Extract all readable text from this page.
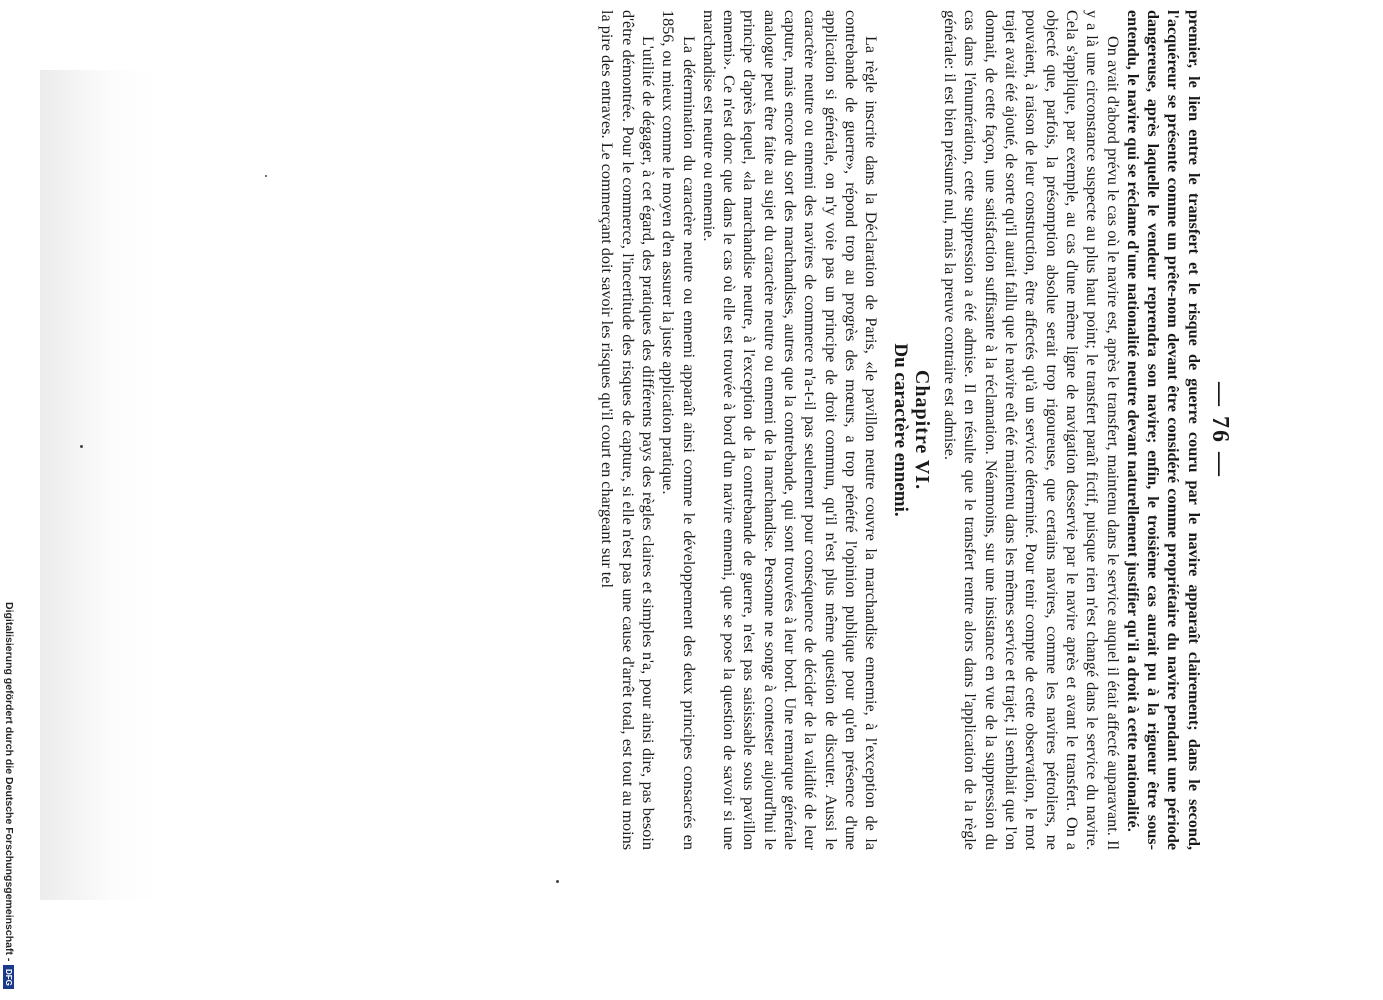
— 76 —

premier, le lien entre le transfert et le risque de guerre couru par le navire apparaît clairement; dans le second, l'acquéreur se présente comme un prête-nom devant être considéré comme propriétaire du navire pendant une période dangereuse, après laquelle le vendeur reprendra son navire; enfin, le troisième cas aurait pu à la rigueur être sous-entendu, le navire qui se réclame d'une nationalité neutre devant naturellement justifier qu'il a droit à cette nationalité.

On avait d'abord prévu le cas où le navire est, après le transfert, maintenu dans le service auquel il était affecté auparavant. Il y a là une circonstance suspecte au plus haut point; le transfert paraît fictif, puisque rien n'est changé dans le service du navire. Cela s'applique, par exemple, au cas d'une même ligne de navigation desservie par le navire après et avant le transfert. On a objecté que, parfois, la présomption absolue serait trop rigoureuse, que certains navires, comme les navires pétroliers, ne pouvaient, à raison de leur construction, être affectés qu'à un service déterminé. Pour tenir compte de cette observation, le mot trajet avait été ajouté, de sorte qu'il aurait fallu que le navire eût été maintenu dans les mêmes service et trajet; il semblait que l'on donnait, de cette façon, une satisfaction suffisante à la réclamation. Néanmoins, sur une insistance en vue de la suppression du cas dans l'énumération, cette suppression a été admise. Il en résulte que le transfert rentre alors dans l'application de la règle générale: il est bien présumé nul, mais la preuve contraire est admise.

Chapitre VI.
Du caractère ennemi.

La règle inscrite dans la Déclaration de Paris, «le pavillon neutre couvre la marchandise ennemie, à l'exception de la contrebande de guerre», répond trop au progrès des mœurs, a trop pénétré l'opinion publique pour qu'en présence d'une application si générale, on n'y voie pas un principe de droit commun, qu'il n'est plus même question de discuter. Aussi le caractère neutre ou ennemi des navires de commerce n'a-t-il pas seulement pour conséquence de décider de la validité de leur capture, mais encore du sort des marchandises, autres que la contrebande, qui sont trouvées à leur bord. Une remarque générale analogue peut être faite au sujet du caractère neutre ou ennemi de la marchandise. Personne ne songe à contester aujourd'hui le principe d'après lequel, «la marchandise neutre, à l'exception de la contrebande de guerre, n'est pas saisissable sous pavillon ennemi». Ce n'est donc que dans le cas où elle est trouvée à bord d'un navire ennemi, que se pose la question de savoir si une marchandise est neutre ou ennemie.

La détermination du caractère neutre ou ennemi apparaît ainsi comme le développement des deux principes consacrés en 1856, ou mieux comme le moyen d'en assurer la juste application pratique.

L'utilité de dégager, à cet égard, des pratiques des différents pays des règles claires et simples n'a, pour ainsi dire, pas besoin d'être démontrée. Pour le commerce, l'incertitude des risques de capture, si elle n'est pas une cause d'arrêt total, est tout au moins la pire des entraves. Le commerçant doit savoir les risques qu'il court en chargeant sur tel

Digitalisierung gefördert durch die Deutsche Forschungsgemeinschaft -
DFG
